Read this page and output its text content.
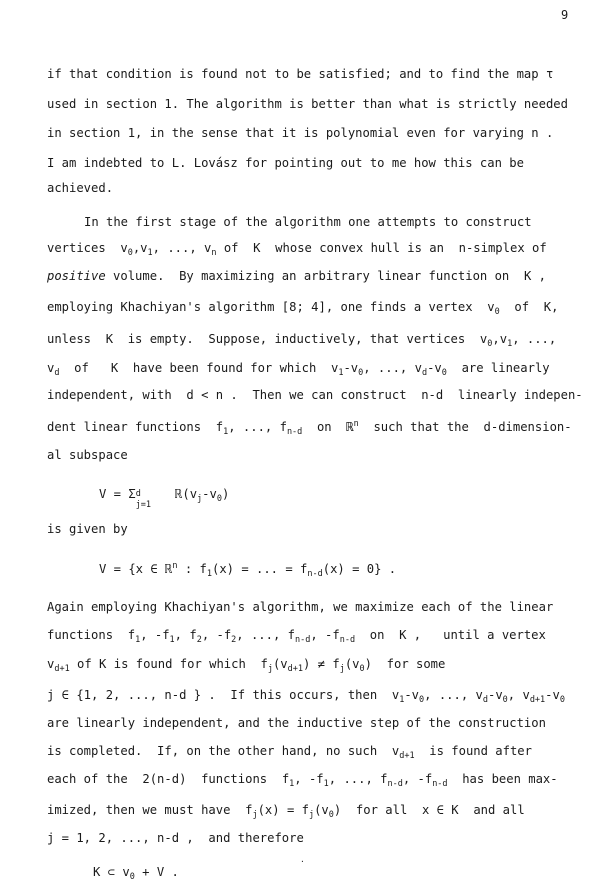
9
if that condition is found not to be satisfied; and to find the map τ
used in section 1. The algorithm is better than what is strictly needed
in section 1, in the sense that it is polynomial even for varying n .
I am indebted to L. Lovász for pointing out to me how this can be
achieved.
In the first stage of the algorithm one attempts to construct
vertices  $v_0,v_1$, ..., $v_n$ of  K  whose convex hull is an  n-simplex of
positive volume.  By maximizing an arbitrary linear function on  K ,
employing Khachiyan's algorithm [8; 4], one finds a vertex  $v_0$  of  K,
unless  K  is empty.  Suppose, inductively, that vertices  $v_0,v_1$, ...,
$v_d$  of   K  have been found for which  $v_1-v_0$, ..., $v_d-v_0$  are linearly
independent, with  d < n .  Then we can construct  n-d  linearly indepen-
dent linear functions  $f_1$, ..., $f_{n-d}$  on  ℝ$^n$  such that the  d-dimension-
al subspace
V = Σ d
j=1
$ℝ(v_j-v_0)$
is given by
V = {x ∈ ℝ$^n$ : $f_1(x)$ = ... = $f_{n-d}(x) = 0$} .
Again employing Khachiyan's algorithm, we maximize each of the linear
functions  $f_1$, $-f_1$, $f_2$, $-f_2$, ..., $f_{n-d}$, $-f_{n-d}$  on  K ,   until a vertex
$v_{d+1}$ of K is found for which  $f_j(v_{d+1}) \ne f_j(v_0)$  for some
j ∈ {1, 2, ..., n-d } .  If this occurs, then  $v_1-v_0$, ..., $v_d-v_0$, $v_{d+1}-v_0$
are linearly independent, and the inductive step of the construction
is completed.  If, on the other hand, no such  $v_{d+1}$  is found after
each of the  2(n-d)  functions  $f_1$, $-f_1$, ..., $f_{n-d}$, $-f_{n-d}$  has been max-
imized, then we must have  $f_j(x) = f_j(v_0)$  for all  x ∈ K  and all
j = 1, 2, ..., n-d ,  and therefore
·
K ⊂ $v_0 + V$ .
